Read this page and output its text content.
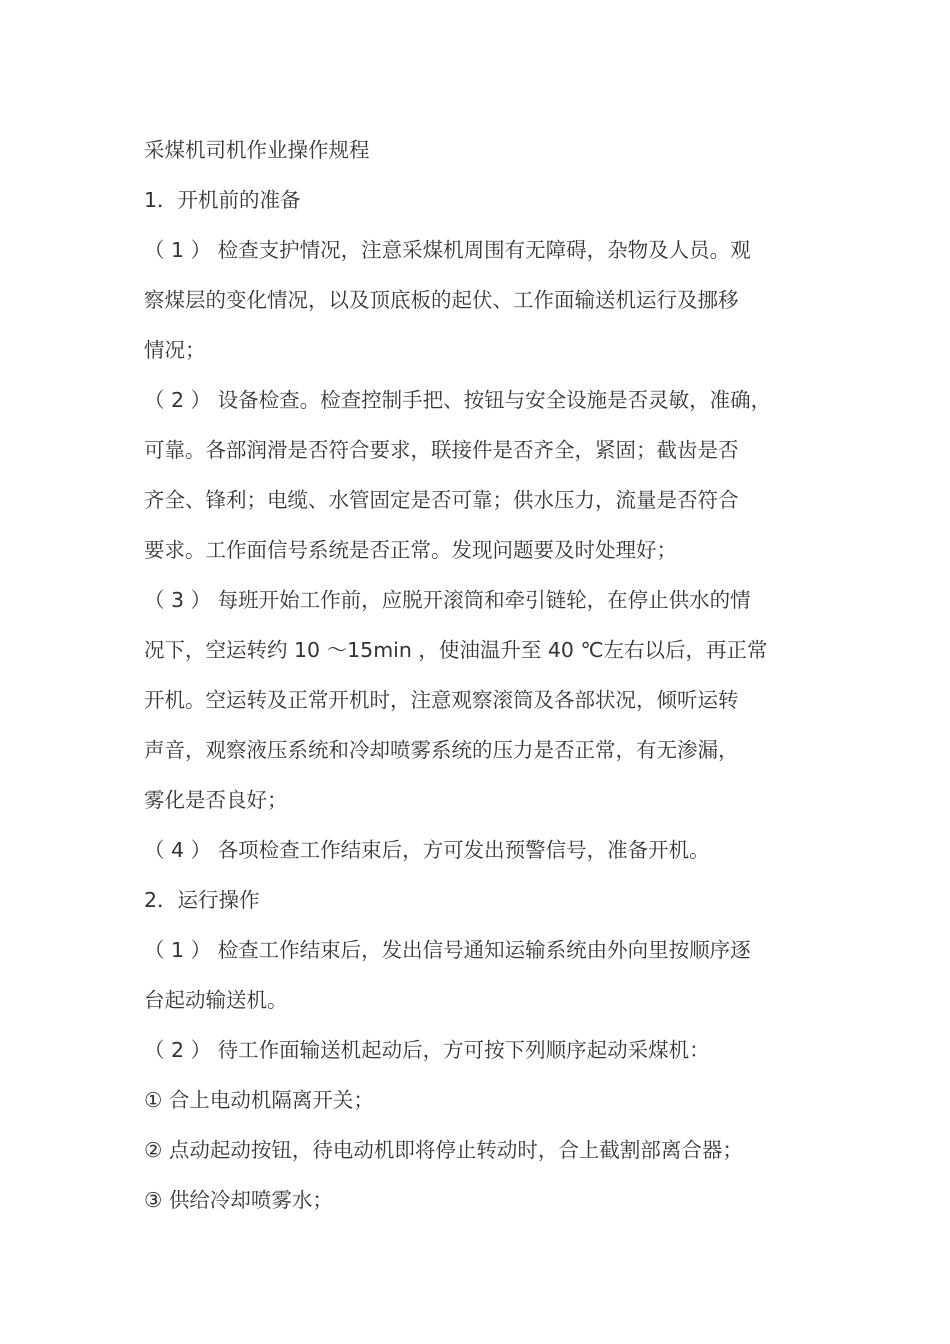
采煤机司机作业操作规程
1．开机前的准备
（ 1 ） 检查支护情况，注意采煤机周围有无障碍，杂物及人员。观
察煤层的变化情况，以及顶底板的起伏、工作面输送机运行及挪移
情况；
（ 2 ） 设备检查。检查控制手把、按钮与安全设施是否灵敏，准确，
可靠。各部润滑是否符合要求，联接件是否齐全，紧固；截齿是否
齐全、锋利；电缆、水管固定是否可靠；供水压力，流量是否符合
要求。工作面信号系统是否正常。发现问题要及时处理好；
（ 3 ） 每班开始工作前，应脱开滚筒和牵引链轮，在停止供水的情
况下，空运转约 10 ～15min ，使油温升至 40 ℃左右以后，再正常
开机。空运转及正常开机时，注意观察滚筒及各部状况，倾听运转
声音，观察液压系统和冷却喷雾系统的压力是否正常，有无渗漏，
雾化是否良好；
（ 4 ） 各项检查工作结束后，方可发出预警信号，准备开机。
2．运行操作
（ 1 ） 检查工作结束后，发出信号通知运输系统由外向里按顺序逐
台起动输送机。
（ 2 ） 待工作面输送机起动后，方可按下列顺序起动采煤机：
① 合上电动机隔离开关；
② 点动起动按钮，待电动机即将停止转动时，合上截割部离合器；
③ 供给冷却喷雾水；
